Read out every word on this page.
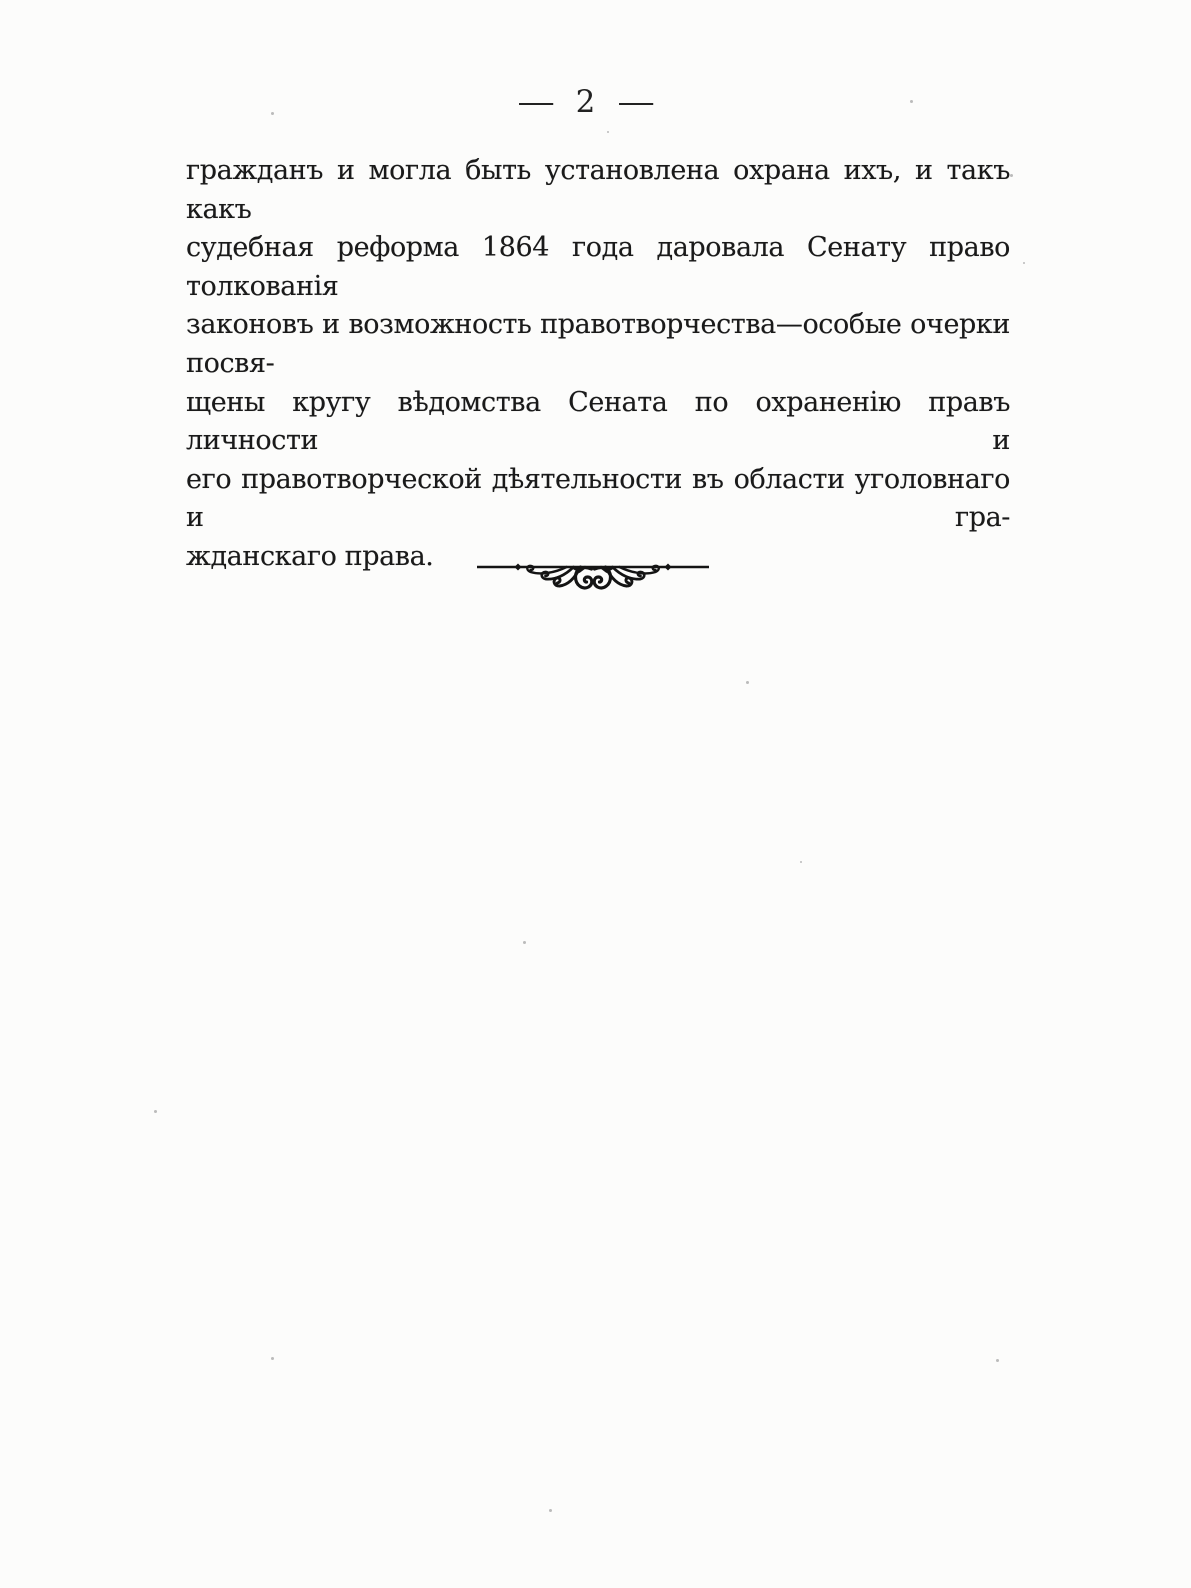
— 2 —
гражданъ и могла быть установлена охрана ихъ, и такъ какъ
судебная реформа 1864 года даровала Сенату право толкованія
законовъ и возможность правотворчества—особые очерки посвя-
щены кругу вѣдомства Сената по охраненію правъ личности и
его правотворческой дѣятельности въ области уголовнаго и гра-
жданскаго права.
